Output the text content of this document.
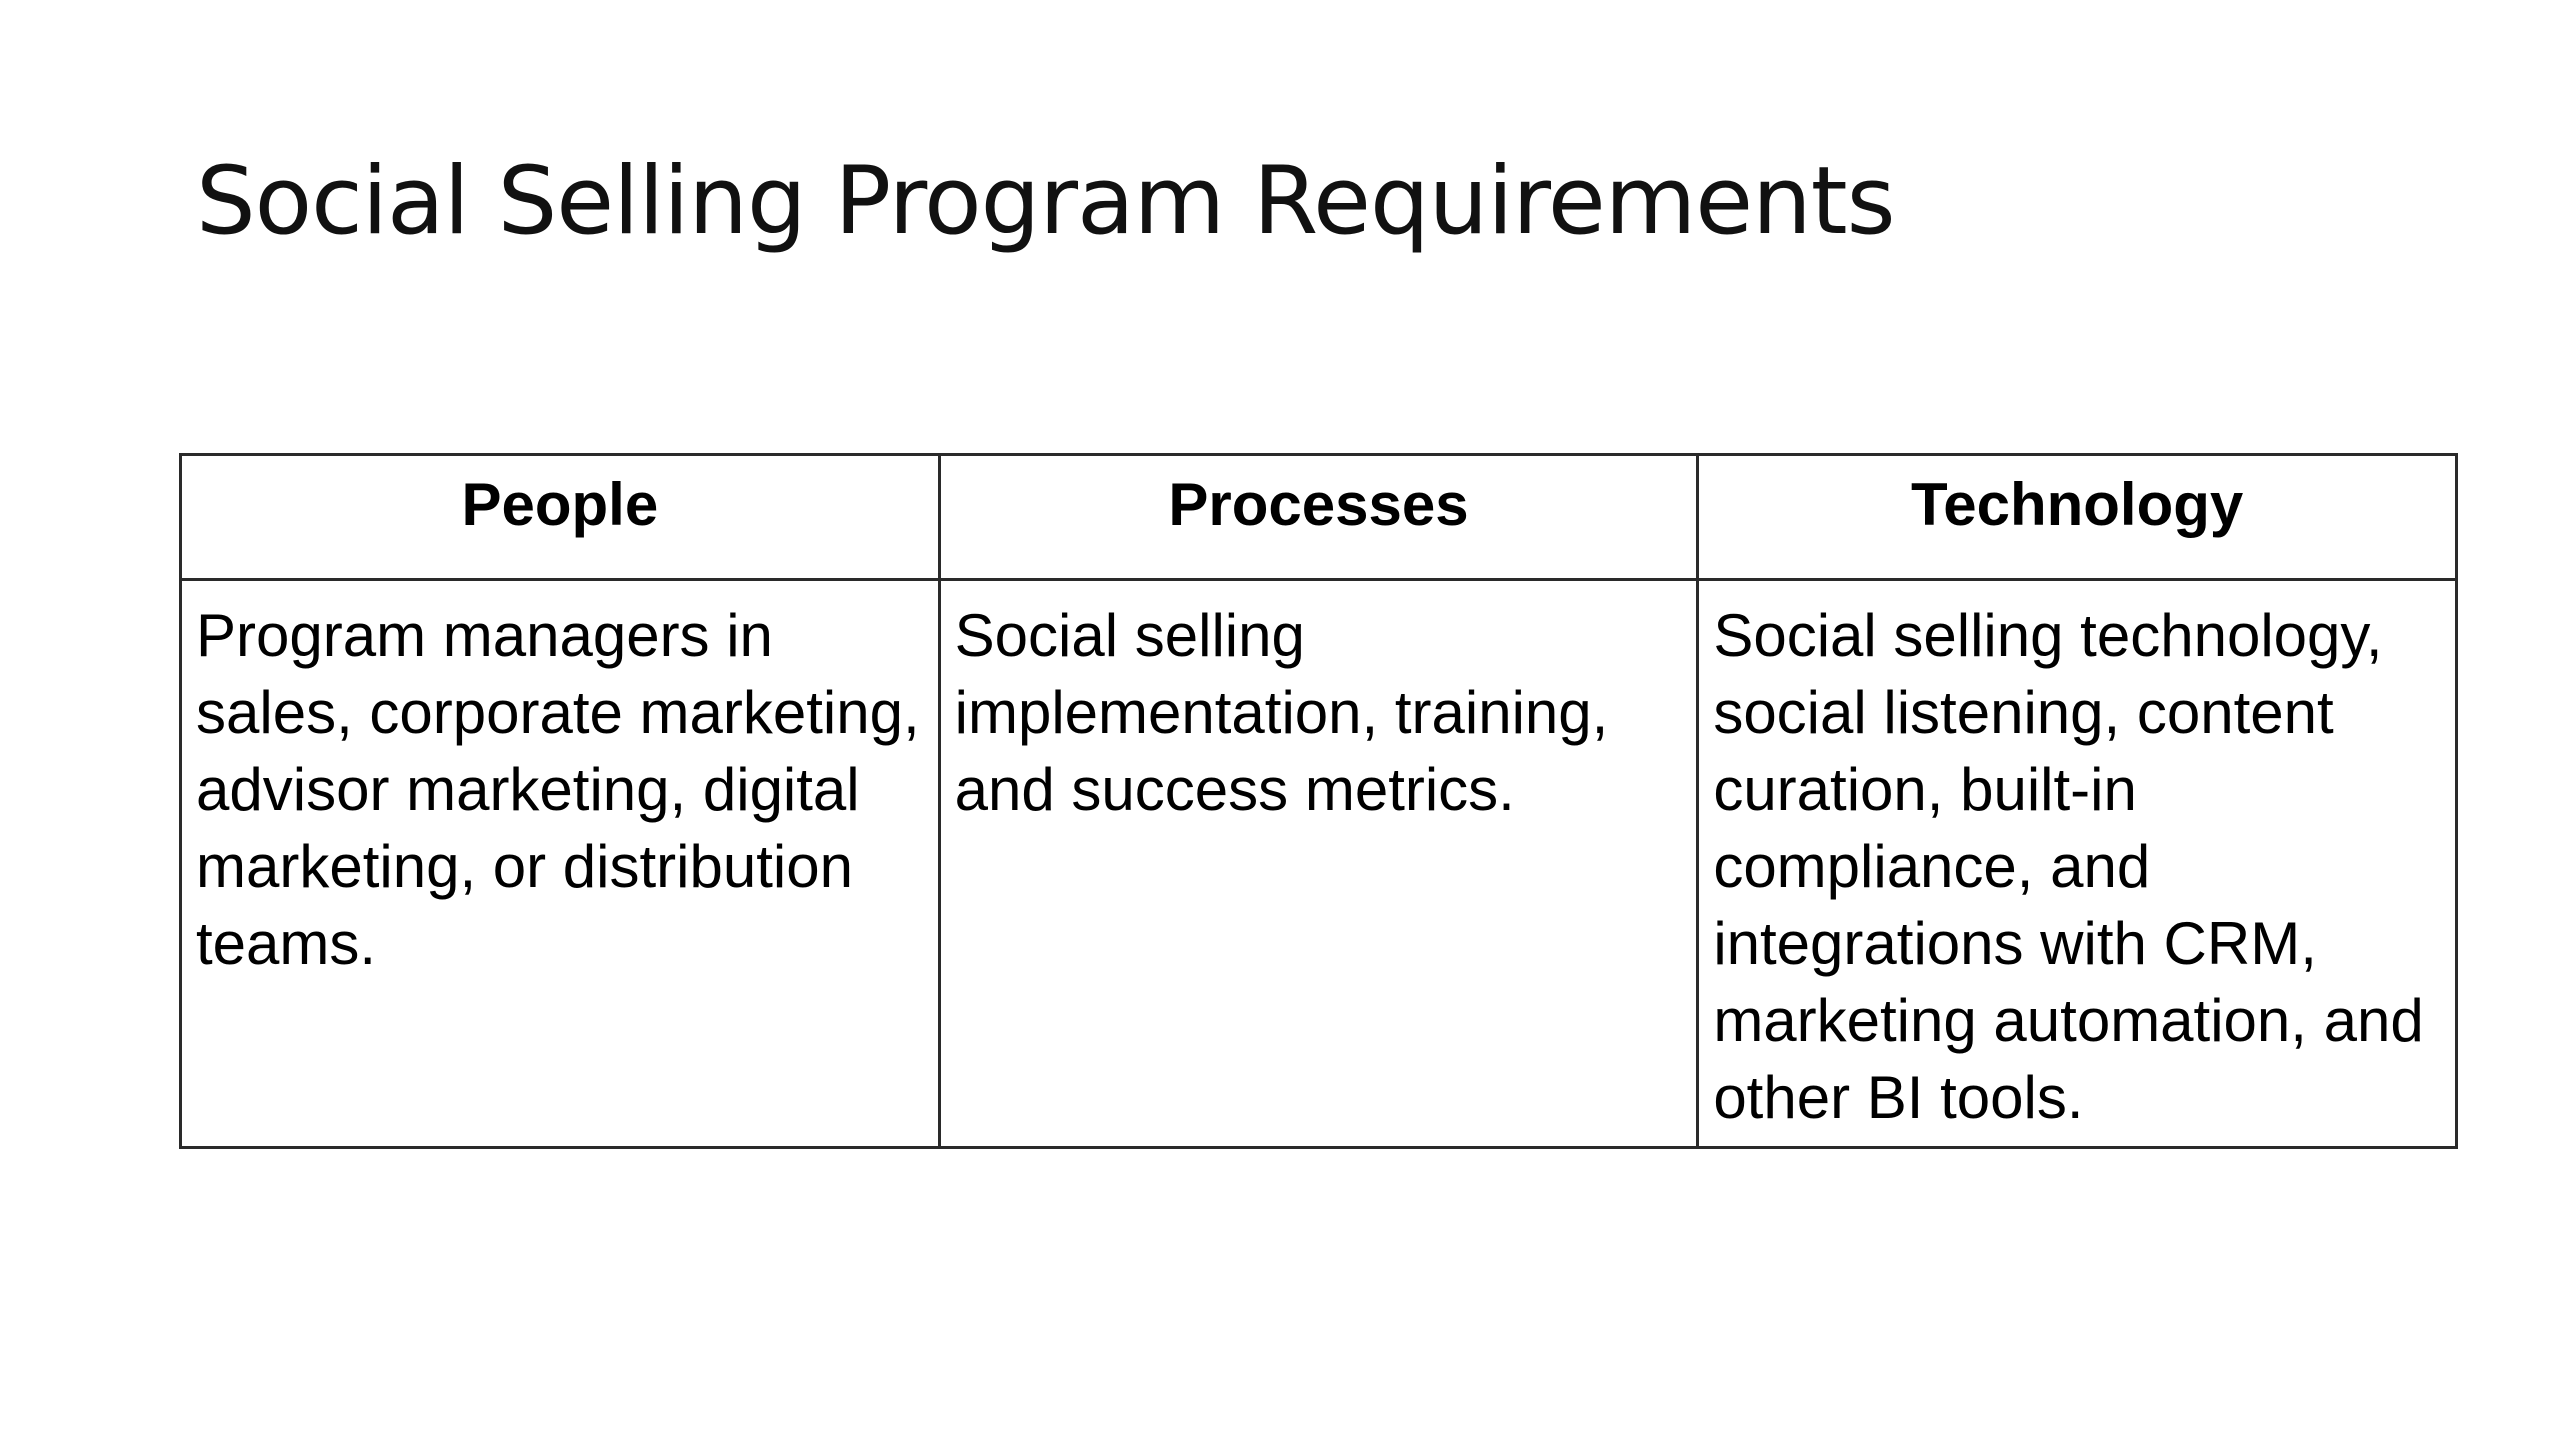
Social Selling Program Requirements
People	Processes	Technology
Program managers in sales, corporate marketing, advisor marketing, digital marketing, or distribution teams.	Social selling implementation, training, and success metrics.	Social selling technology, social listening, content curation, built-in compliance, and integrations with CRM, marketing automation, and other BI tools.
